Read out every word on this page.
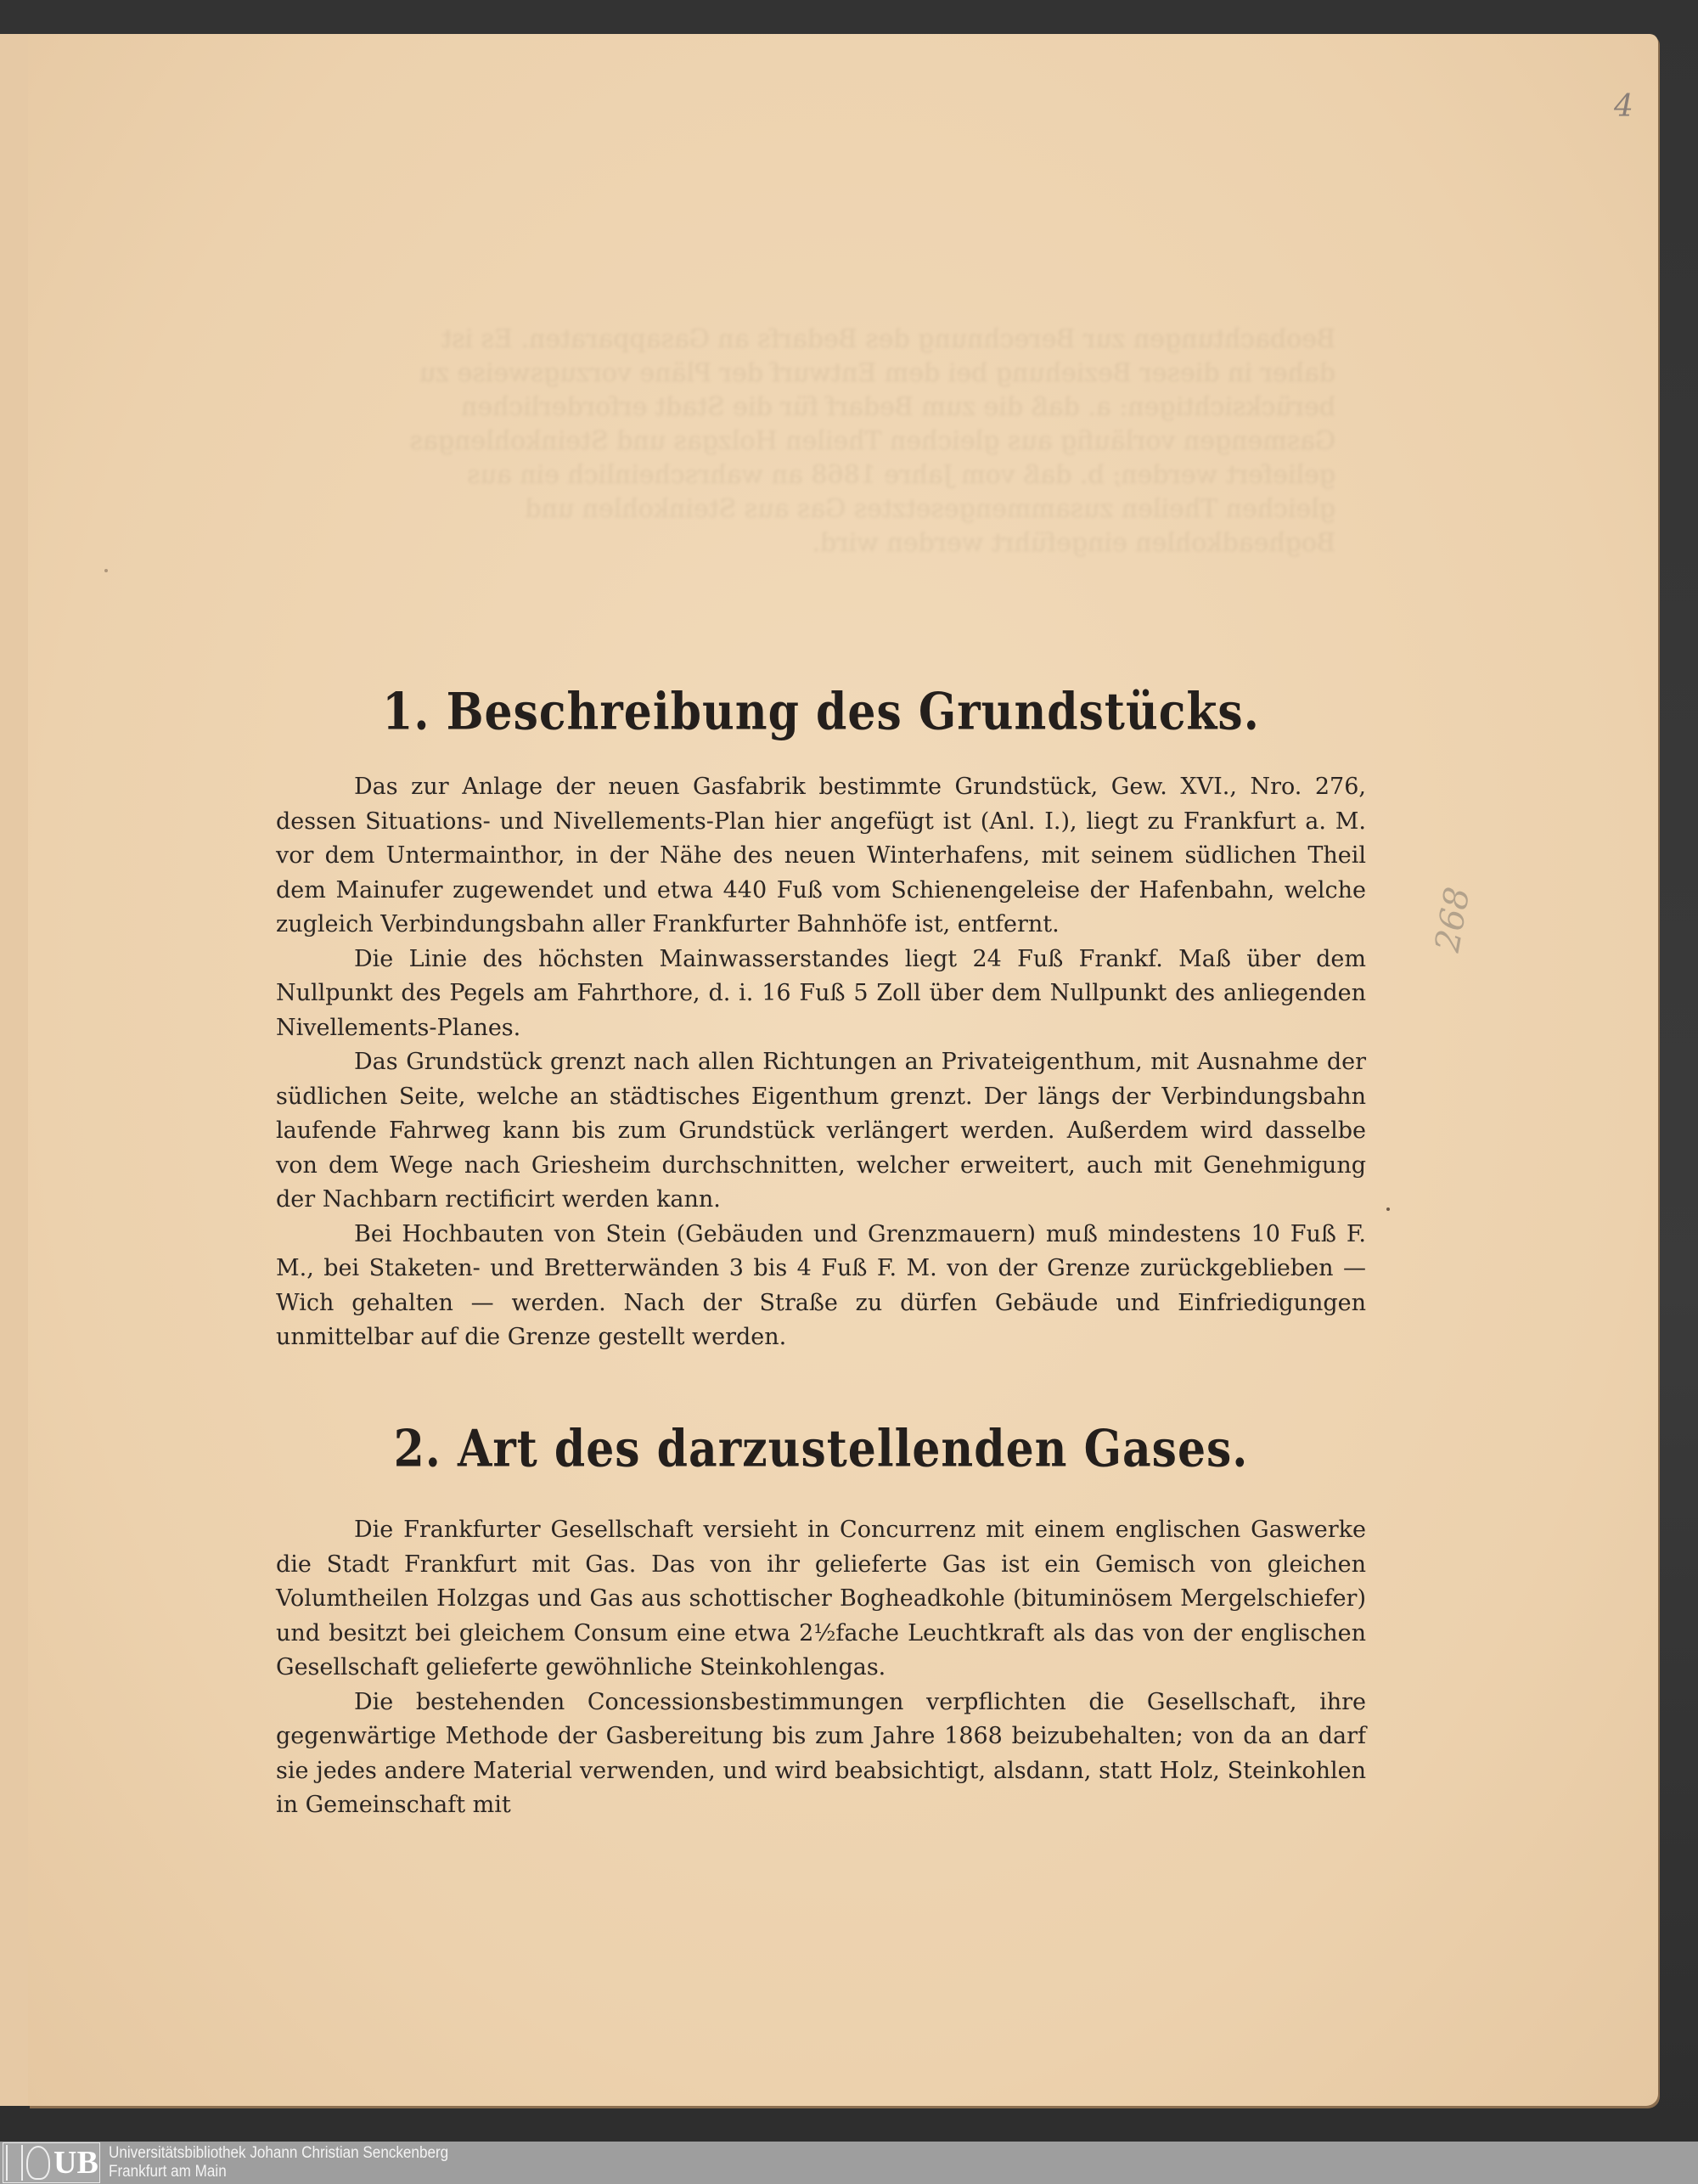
Beobachtungen zur Berechnung des Bedarfs an Gasapparaten. Es ist daher in dieser Beziehung bei dem Entwurf der Pläne vorzugsweise zu berücksichtigen: a. daß die zum Bedarf für die Stadt erforderlichen Gasmengen vorläufig aus gleichen Theilen Holzgas und Steinkohlengas geliefert werden; b. daß vom Jahre 1868 an wahrscheinlich ein aus gleichen Theilen zusammengesetztes Gas aus Steinkohlen und Bogheadkohlen eingeführt werden wird.
4
268
1. Beschreibung des Grundstücks.

Das zur Anlage der neuen Gasfabrik bestimmte Grundstück, Gew. XVI., Nro. 276, dessen Situations- und Nivellements-Plan hier angefügt ist (Anl. I.), liegt zu Frankfurt a. M. vor dem Untermainthor, in der Nähe des neuen Winterhafens, mit seinem südlichen Theil dem Mainufer zugewendet und etwa 440 Fuß vom Schienengeleise der Hafenbahn, welche zugleich Verbindungsbahn aller Frankfurter Bahnhöfe ist, entfernt.

Die Linie des höchsten Mainwasserstandes liegt 24 Fuß Frankf. Maß über dem Nullpunkt des Pegels am Fahrthore, d. i. 16 Fuß 5 Zoll über dem Nullpunkt des anliegenden Nivellements-Planes.

Das Grundstück grenzt nach allen Richtungen an Privateigenthum, mit Ausnahme der südlichen Seite, welche an städtisches Eigenthum grenzt. Der längs der Verbindungsbahn laufende Fahrweg kann bis zum Grundstück verlängert werden. Außerdem wird dasselbe von dem Wege nach Griesheim durchschnitten, welcher erweitert, auch mit Genehmigung der Nachbarn rectificirt werden kann.

Bei Hochbauten von Stein (Gebäuden und Grenzmauern) muß mindestens 10 Fuß F. M., bei Staketen- und Bretterwänden 3 bis 4 Fuß F. M. von der Grenze zurückgeblieben — Wich gehalten — werden. Nach der Straße zu dürfen Gebäude und Einfriedigungen unmittelbar auf die Grenze gestellt werden.

2. Art des darzustellenden Gases.

Die Frankfurter Gesellschaft versieht in Concurrenz mit einem englischen Gaswerke die Stadt Frankfurt mit Gas. Das von ihr gelieferte Gas ist ein Gemisch von gleichen Volumtheilen Holzgas und Gas aus schottischer Bogheadkohle (bituminösem Mergelschiefer) und besitzt bei gleichem Consum eine etwa 2½fache Leuchtkraft als das von der englischen Gesellschaft gelieferte gewöhnliche Steinkohlengas.

Die bestehenden Concessionsbestimmungen verpflichten die Gesellschaft, ihre gegenwärtige Methode der Gasbereitung bis zum Jahre 1868 beizubehalten; von da an darf sie jedes andere Material verwenden, und wird beabsichtigt, alsdann, statt Holz, Steinkohlen in Gemeinschaft mit

UB Universitätsbibliothek Johann Christian Senckenberg
Frankfurt am Main
